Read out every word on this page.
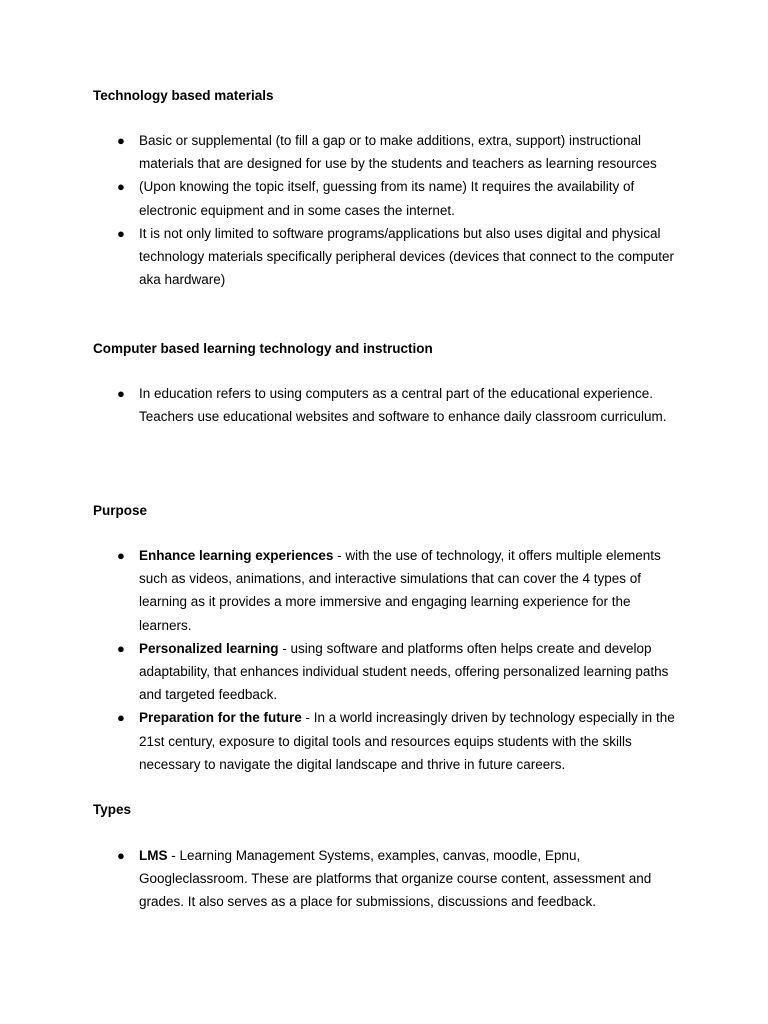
Technology based materials
● Basic or supplemental (to fill a gap or to make additions, extra, support) instructional materials that are designed for use by the students and teachers as learning resources
● (Upon knowing the topic itself, guessing from its name) It requires the availability of electronic equipment and in some cases the internet.
● It is not only limited to software programs/applications but also uses digital and physical technology materials specifically peripheral devices (devices that connect to the computer aka hardware)
Computer based learning technology and instruction
● In education refers to using computers as a central part of the educational experience. Teachers use educational websites and software to enhance daily classroom curriculum.
Purpose
● Enhance learning experiences - with the use of technology, it offers multiple elements such as videos, animations, and interactive simulations that can cover the 4 types of learning as it provides a more immersive and engaging learning experience for the learners.
● Personalized learning - using software and platforms often helps create and develop adaptability, that enhances individual student needs, offering personalized learning paths and targeted feedback.
● Preparation for the future - In a world increasingly driven by technology especially in the 21st century, exposure to digital tools and resources equips students with the skills necessary to navigate the digital landscape and thrive in future careers.
Types
● LMS - Learning Management Systems, examples, canvas, moodle, Epnu, Googleclassroom. These are platforms that organize course content, assessment and grades. It also serves as a place for submissions, discussions and feedback.
